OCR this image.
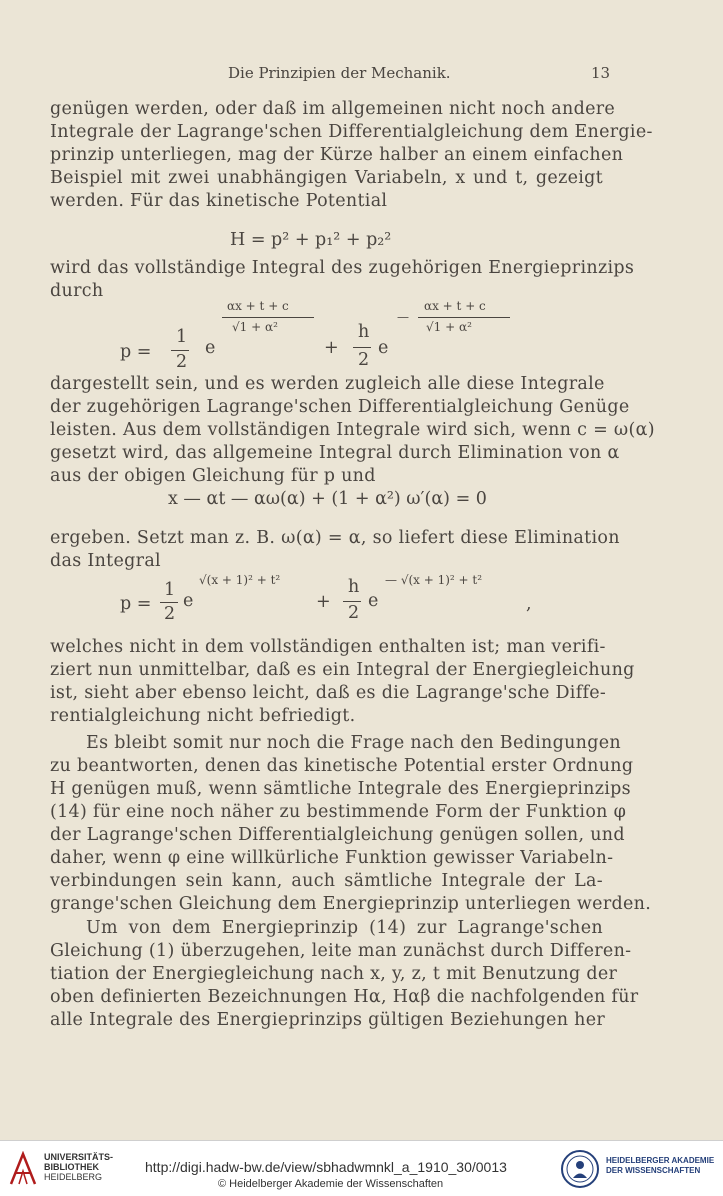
Die Prinzipien der Mechanik.	13
genügen werden, oder daß im allgemeinen nicht noch andere
Integrale der Lagrange'schen Differentialgleichung dem Energie-
prinzip unterliegen, mag der Kürze halber an einem einfachen
Beispiel mit zwei unabhängigen Variabeln, x und t, gezeigt
werden. Für das kinetische Potential
H = p² + p₁² + p₂²
wird das vollständige Integral des zugehörigen Energieprinzips
durch
p =
1
2
e
αx + t + c
√1 + α²
+
h
2
e
—
αx + t + c
√1 + α²
dargestellt sein, und es werden zugleich alle diese Integrale
der zugehörigen Lagrange'schen Differentialgleichung Genüge
leisten. Aus dem vollständigen Integrale wird sich, wenn c = ω(α)
gesetzt wird, das allgemeine Integral durch Elimination von α
aus der obigen Gleichung für p und
x — αt — αω(α) + (1 + α²) ω′(α) = 0
ergeben. Setzt man z. B. ω(α) = α, so liefert diese Elimination
das Integral
p =
1
2
e
√(x + 1)² + t²
+
h
2
e
— √(x + 1)² + t²
,
welches nicht in dem vollständigen enthalten ist; man verifi-
ziert nun unmittelbar, daß es ein Integral der Energiegleichung
ist, sieht aber ebenso leicht, daß es die Lagrange'sche Diffe-
rentialgleichung nicht befriedigt.
Es bleibt somit nur noch die Frage nach den Bedingungen
zu beantworten, denen das kinetische Potential erster Ordnung
H genügen muß, wenn sämtliche Integrale des Energieprinzips
(14) für eine noch näher zu bestimmende Form der Funktion φ
der Lagrange'schen Differentialgleichung genügen sollen, und
daher, wenn φ eine willkürliche Funktion gewisser Variabeln-
verbindungen sein kann, auch sämtliche Integrale der La-
grange'schen Gleichung dem Energieprinzip unterliegen werden.
Um von dem Energieprinzip (14) zur Lagrange'schen
Gleichung (1) überzugehen, leite man zunächst durch Differen-
tiation der Energiegleichung nach x, y, z, t mit Benutzung der
oben definierten Bezeichnungen Hα, Hαβ die nachfolgenden für
alle Integrale des Energieprinzips gültigen Beziehungen her
UNIVERSITÄTS-
BIBLIOTHEK
HEIDELBERG
http://digi.hadw-bw.de/view/sbhadwmnkl_a_1910_30/0013
© Heidelberger Akademie der Wissenschaften
HEIDELBERGER AKADEMIE
DER WISSENSCHAFTEN
